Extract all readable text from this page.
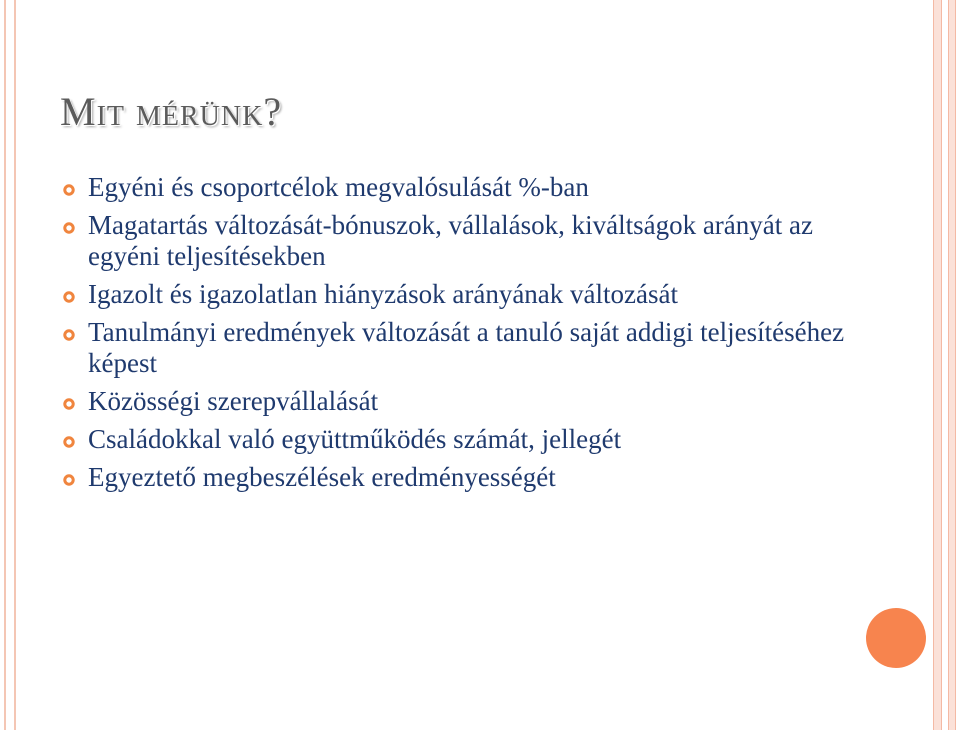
Mit mérünk?
Egyéni és csoportcélok megvalósulását %-ban
Magatartás változását-bónuszok, vállalások, kiváltságok arányát az egyéni teljesítésekben
Igazolt és igazolatlan hiányzások arányának változását
Tanulmányi eredmények változását a tanuló saját addigi teljesítéséhez képest
Közösségi szerepvállalását
Családokkal való együttműködés számát, jellegét
Egyeztető megbeszélések eredményességét
